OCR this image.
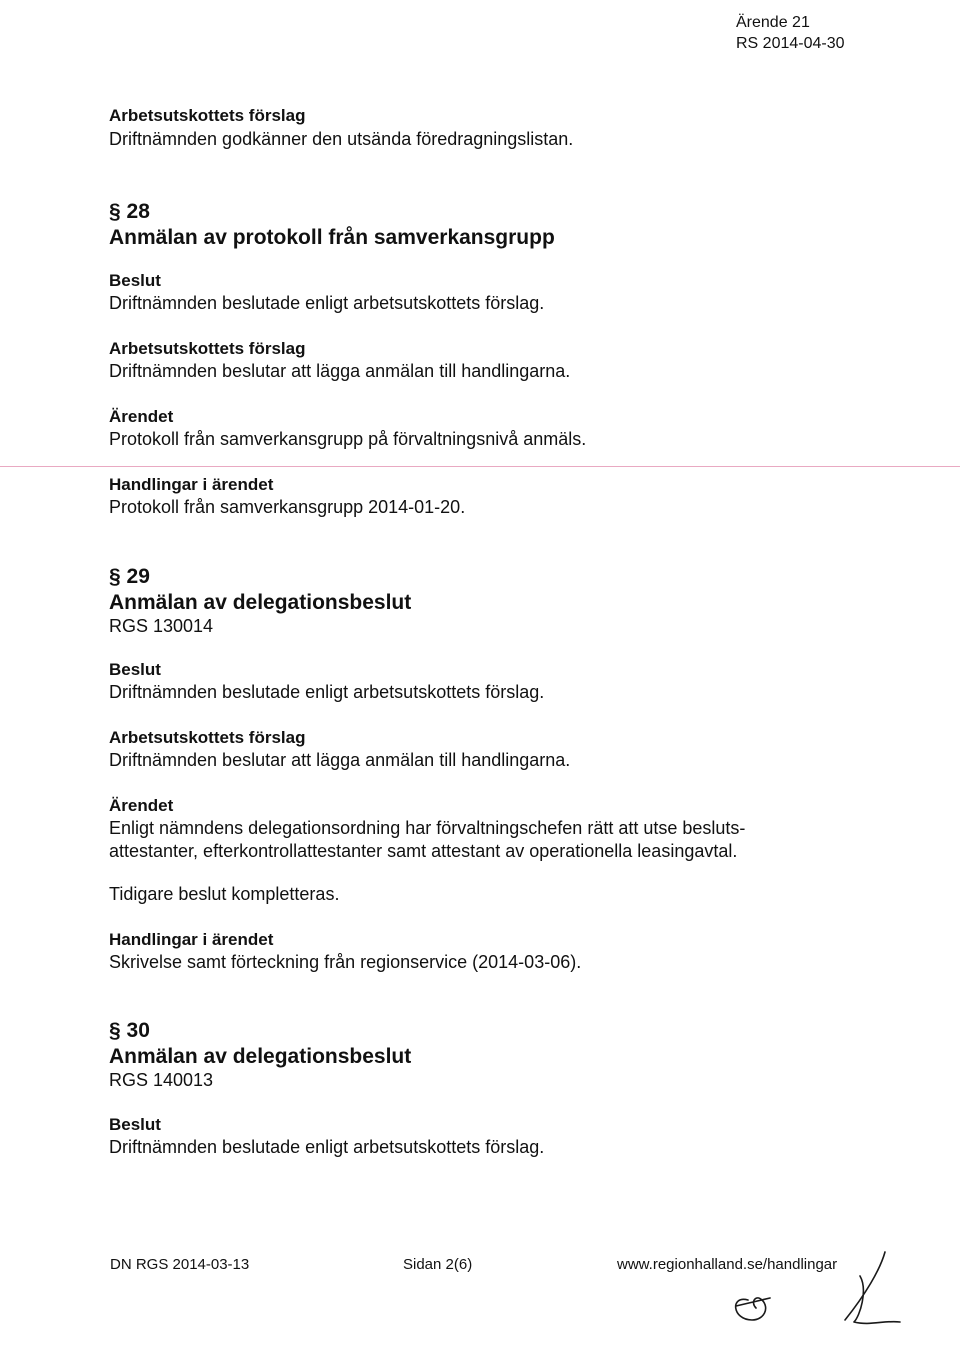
Ärende 21
RS 2014-04-30
Arbetsutskottets förslag
Driftnämnden godkänner den utsända föredragningslistan.
§ 28
Anmälan av protokoll från samverkansgrupp
Beslut
Driftnämnden beslutade enligt arbetsutskottets förslag.
Arbetsutskottets förslag
Driftnämnden beslutar att lägga anmälan till handlingarna.
Ärendet
Protokoll från samverkansgrupp på förvaltningsnivå anmäls.
Handlingar i ärendet
Protokoll från samverkansgrupp 2014-01-20.
§ 29
Anmälan av delegationsbeslut
RGS 130014
Beslut
Driftnämnden beslutade enligt arbetsutskottets förslag.
Arbetsutskottets förslag
Driftnämnden beslutar att lägga anmälan till handlingarna.
Ärendet
Enligt nämndens delegationsordning har förvaltningschefen rätt att utse besluts-
attestanter, efterkontrollattestanter samt attestant av operationella leasingavtal.
Tidigare beslut kompletteras.
Handlingar i ärendet
Skrivelse samt förteckning från regionservice (2014-03-06).
§ 30
Anmälan av delegationsbeslut
RGS 140013
Beslut
Driftnämnden beslutade enligt arbetsutskottets förslag.
DN RGS 2014-03-13	Sidan 2(6)	www.regionhalland.se/handlingar
